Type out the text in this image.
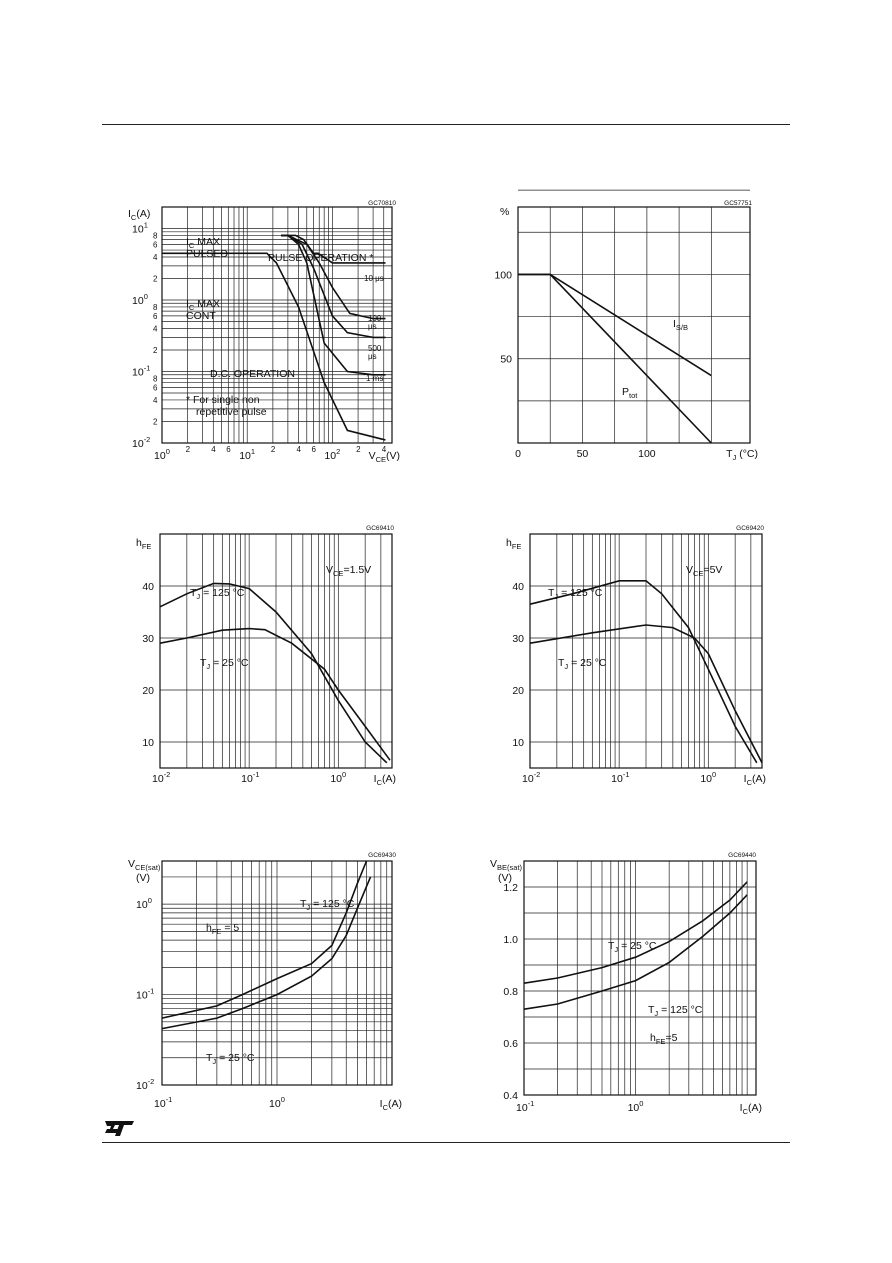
GC70810
$I_C(A)$
$10^1$
$10^0$
$10^{-1}$
$10^{-2}$
$10^0$	$10^1$	$10^2$
2	4 6	2	4 6	2	4
2
4
6
8
2
4
6
8
2
4
6
8
$V_{CE}(V)$
$I_C$ MAX
PULSED	PULSE OPERATION *
$I_C$ MAX
CONT
D.C. OPERATION
* For single non
repetitive pulse
10 μs
100
μs
500
μs
1 ms
GC57751
%
50
100
0	50	100	$T_J$ (°C)
$I_{S/B}$
$P_{tot}$
GC69410
$h_{FE}$
10
20
30
40
$10^{-2}$	$10^{-1}$	$10^0$	$I_C(A)$
$V_{CE}=1.5V$
$T_J = 125$ °C
$T_J = 25$ °C
GC69420
$h_{FE}$
10
20
30
40
$10^{-2}$	$10^{-1}$	$10^0$	$I_C(A)$
$V_{CE}=5V$
$T_J = 125$ °C
$T_J = 25$ °C
GC69430
$V_{CE(sat)}$
(V)
$10^0$
$10^{-1}$
$10^{-2}$
$10^{-1}$	$10^0$	$I_C(A)$
$h_{FE} = 5$
$T_J = 125$ °C
$T_J = 25$ °C
GC69440
$V_{BE(sat)}$
(V)
0.4
0.6
0.8
1.0
1.2
$10^{-1}$	$10^0$	$I_C(A)$
$h_{FE}=5$
$T_J = 25$ °C
$T_J = 125$ °C
